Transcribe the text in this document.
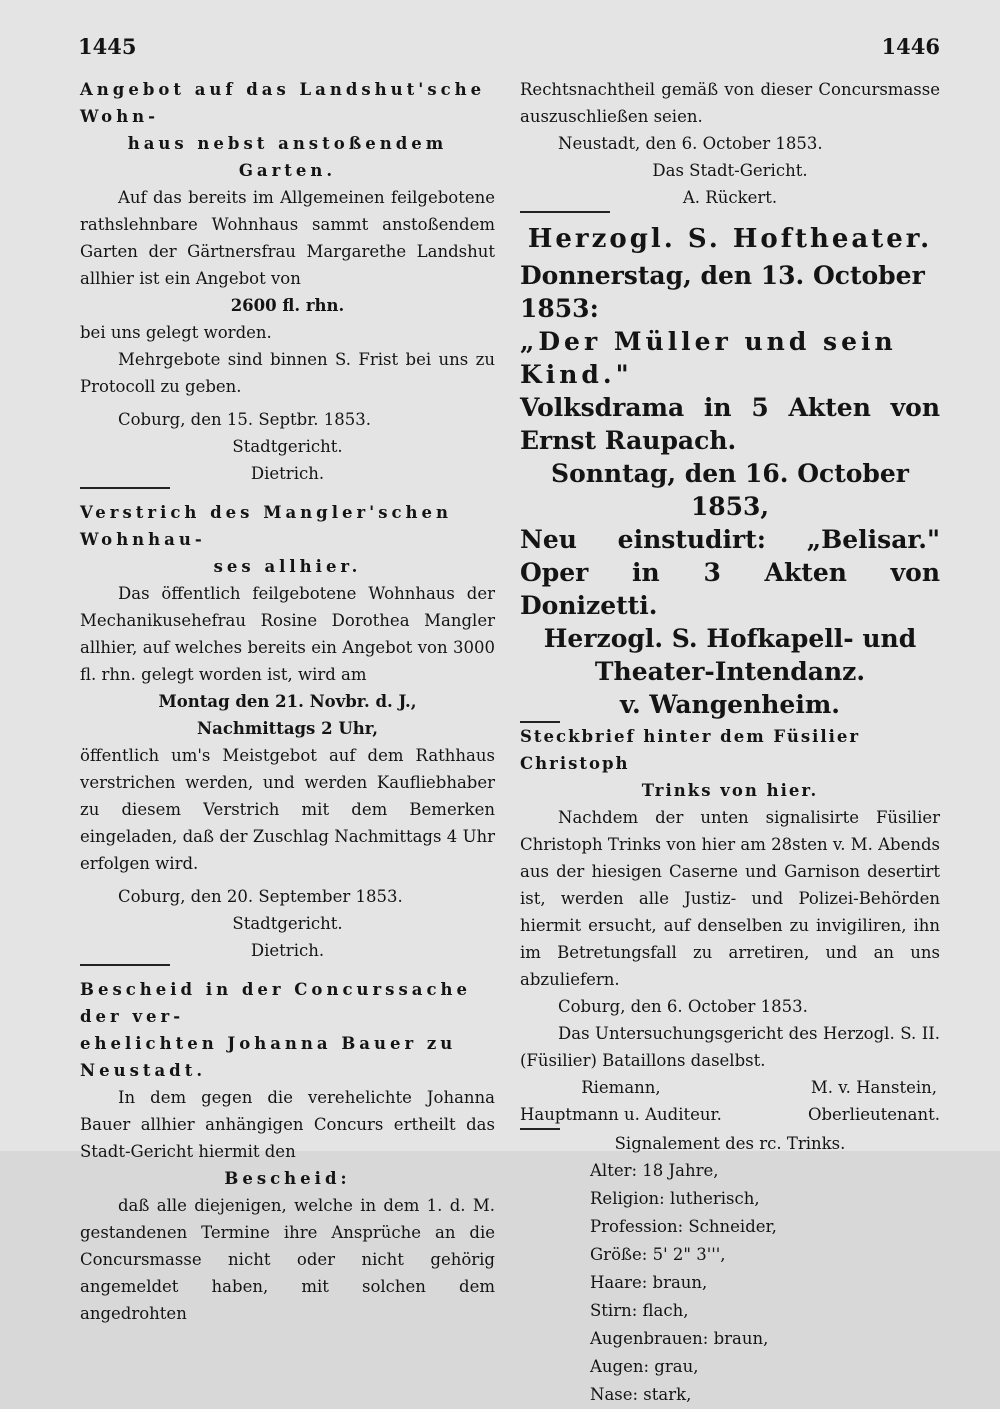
1445	1446
Angebot auf das Landshut'sche Wohn-
haus nebst anstoßendem Garten.

Auf das bereits im Allgemeinen feilgebotene rathslehnbare Wohnhaus sammt anstoßendem Garten der Gärtnersfrau Margarethe Landshut allhier ist ein Angebot von

2600 fl. rhn.

bei uns gelegt worden.

Mehrgebote sind binnen S. Frist bei uns zu Protocoll zu geben.

Coburg, den 15. Septbr. 1853.

Stadtgericht.
Dietrich.
Verstrich des Mangler'schen Wohnhau-
ses allhier.

Das öffentlich feilgebotene Wohnhaus der Mechanikusehefrau Rosine Dorothea Mangler allhier, auf welches bereits ein Angebot von 3000 fl. rhn. gelegt worden ist, wird am

Montag den 21. Novbr. d. J.,
Nachmittags 2 Uhr,

öffentlich um's Meistgebot auf dem Rathhaus verstrichen werden, und werden Kaufliebhaber zu diesem Verstrich mit dem Bemerken eingeladen, daß der Zuschlag Nachmittags 4 Uhr erfolgen wird.

Coburg, den 20. September 1853.

Stadtgericht.
Dietrich.
Bescheid in der Concurssache der ver-
ehelichten Johanna Bauer zu Neustadt.

In dem gegen die verehelichte Johanna Bauer allhier anhängigen Concurs ertheilt das Stadt-Gericht hiermit den

Bescheid:

daß alle diejenigen, welche in dem 1. d. M. gestandenen Termine ihre Ansprüche an die Concursmasse nicht oder nicht gehörig angemeldet haben, mit solchen dem angedrohten

Rechtsnachtheil gemäß von dieser Concursmasse auszuschließen seien.

Neustadt, den 6. October 1853.

Das Stadt-Gericht.
A. Rückert.
Herzogl. S. Hoftheater.
Donnerstag, den 13. October 1853:
„Der Müller und sein Kind."
Volksdrama in 5 Akten von Ernst Raupach.
Sonntag, den 16. October 1853,
Neu einstudirt: „Belisar." Oper in 3 Akten von Donizetti.
Herzogl. S. Hofkapell- und Theater-Intendanz.
v. Wangenheim.
Steckbrief hinter dem Füsilier Christoph
Trinks von hier.

Nachdem der unten signalisirte Füsilier Christoph Trinks von hier am 28sten v. M. Abends aus der hiesigen Caserne und Garnison desertirt ist, werden alle Justiz- und Polizei-Behörden hiermit ersucht, auf denselben zu invigiliren, ihn im Betretungsfall zu arretiren, und an uns abzuliefern.

Coburg, den 6. October 1853.

Das Untersuchungsgericht des Herzogl. S. II. (Füsilier) Bataillons daselbst.

Riemann,
Hauptmann u. Auditeur.
M. v. Hanstein,
Oberlieutenant.
Signalement des rc. Trinks.
Alter: 18 Jahre,
Religion: lutherisch,
Profession: Schneider,
Größe: 5' 2" 3''',
Haare: braun,
Stirn: flach,
Augenbrauen: braun,
Augen: grau,
Nase: stark,
